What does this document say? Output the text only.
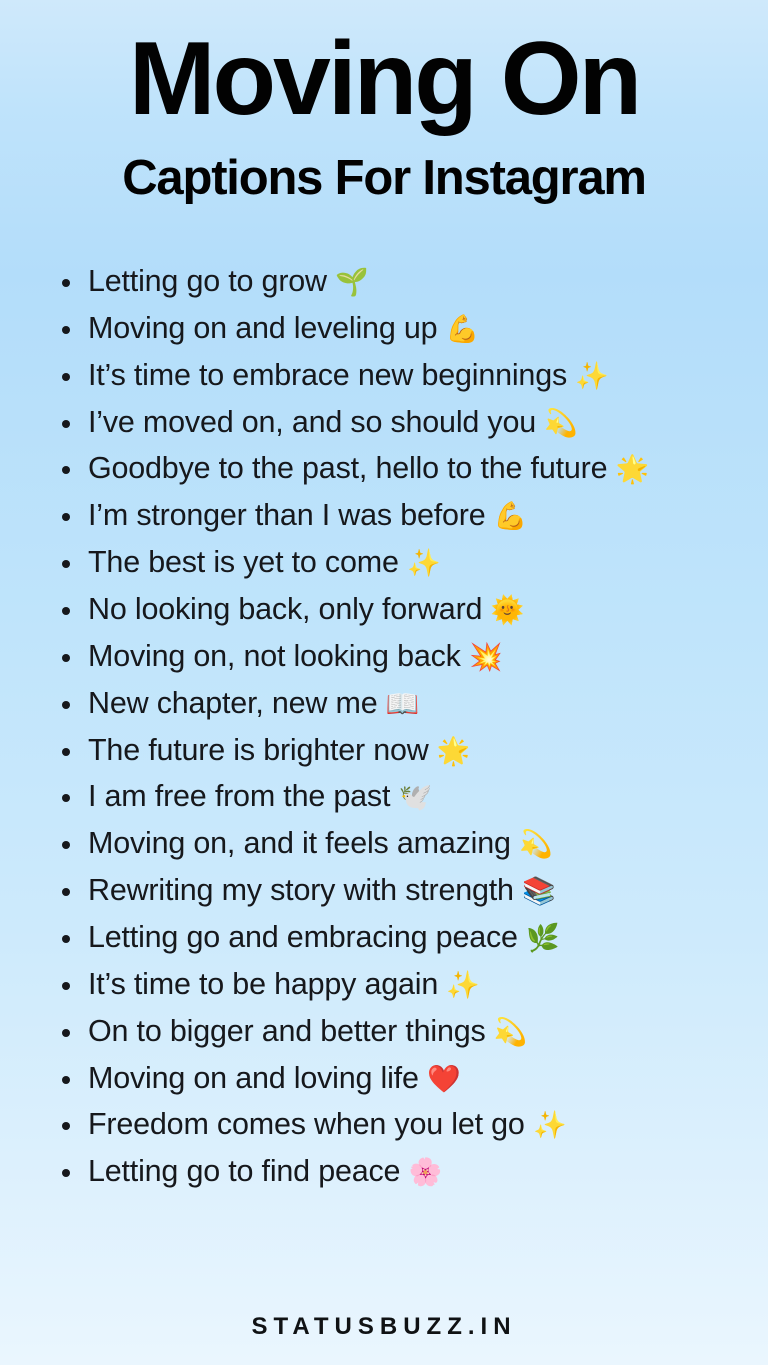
Moving On
Captions For Instagram
Letting go to grow 🌱
Moving on and leveling up 💪
It’s time to embrace new beginnings ✨
I’ve moved on, and so should you 💫
Goodbye to the past, hello to the future 🌟
I’m stronger than I was before 💪
The best is yet to come ✨
No looking back, only forward 🌞
Moving on, not looking back 💥
New chapter, new me 📖
The future is brighter now 🌟
I am free from the past 🕊️
Moving on, and it feels amazing 💫
Rewriting my story with strength 📚
Letting go and embracing peace 🌿
It’s time to be happy again ✨
On to bigger and better things 💫
Moving on and loving life ❤️
Freedom comes when you let go ✨
Letting go to find peace 🌸
STATUSBUZZ.IN
